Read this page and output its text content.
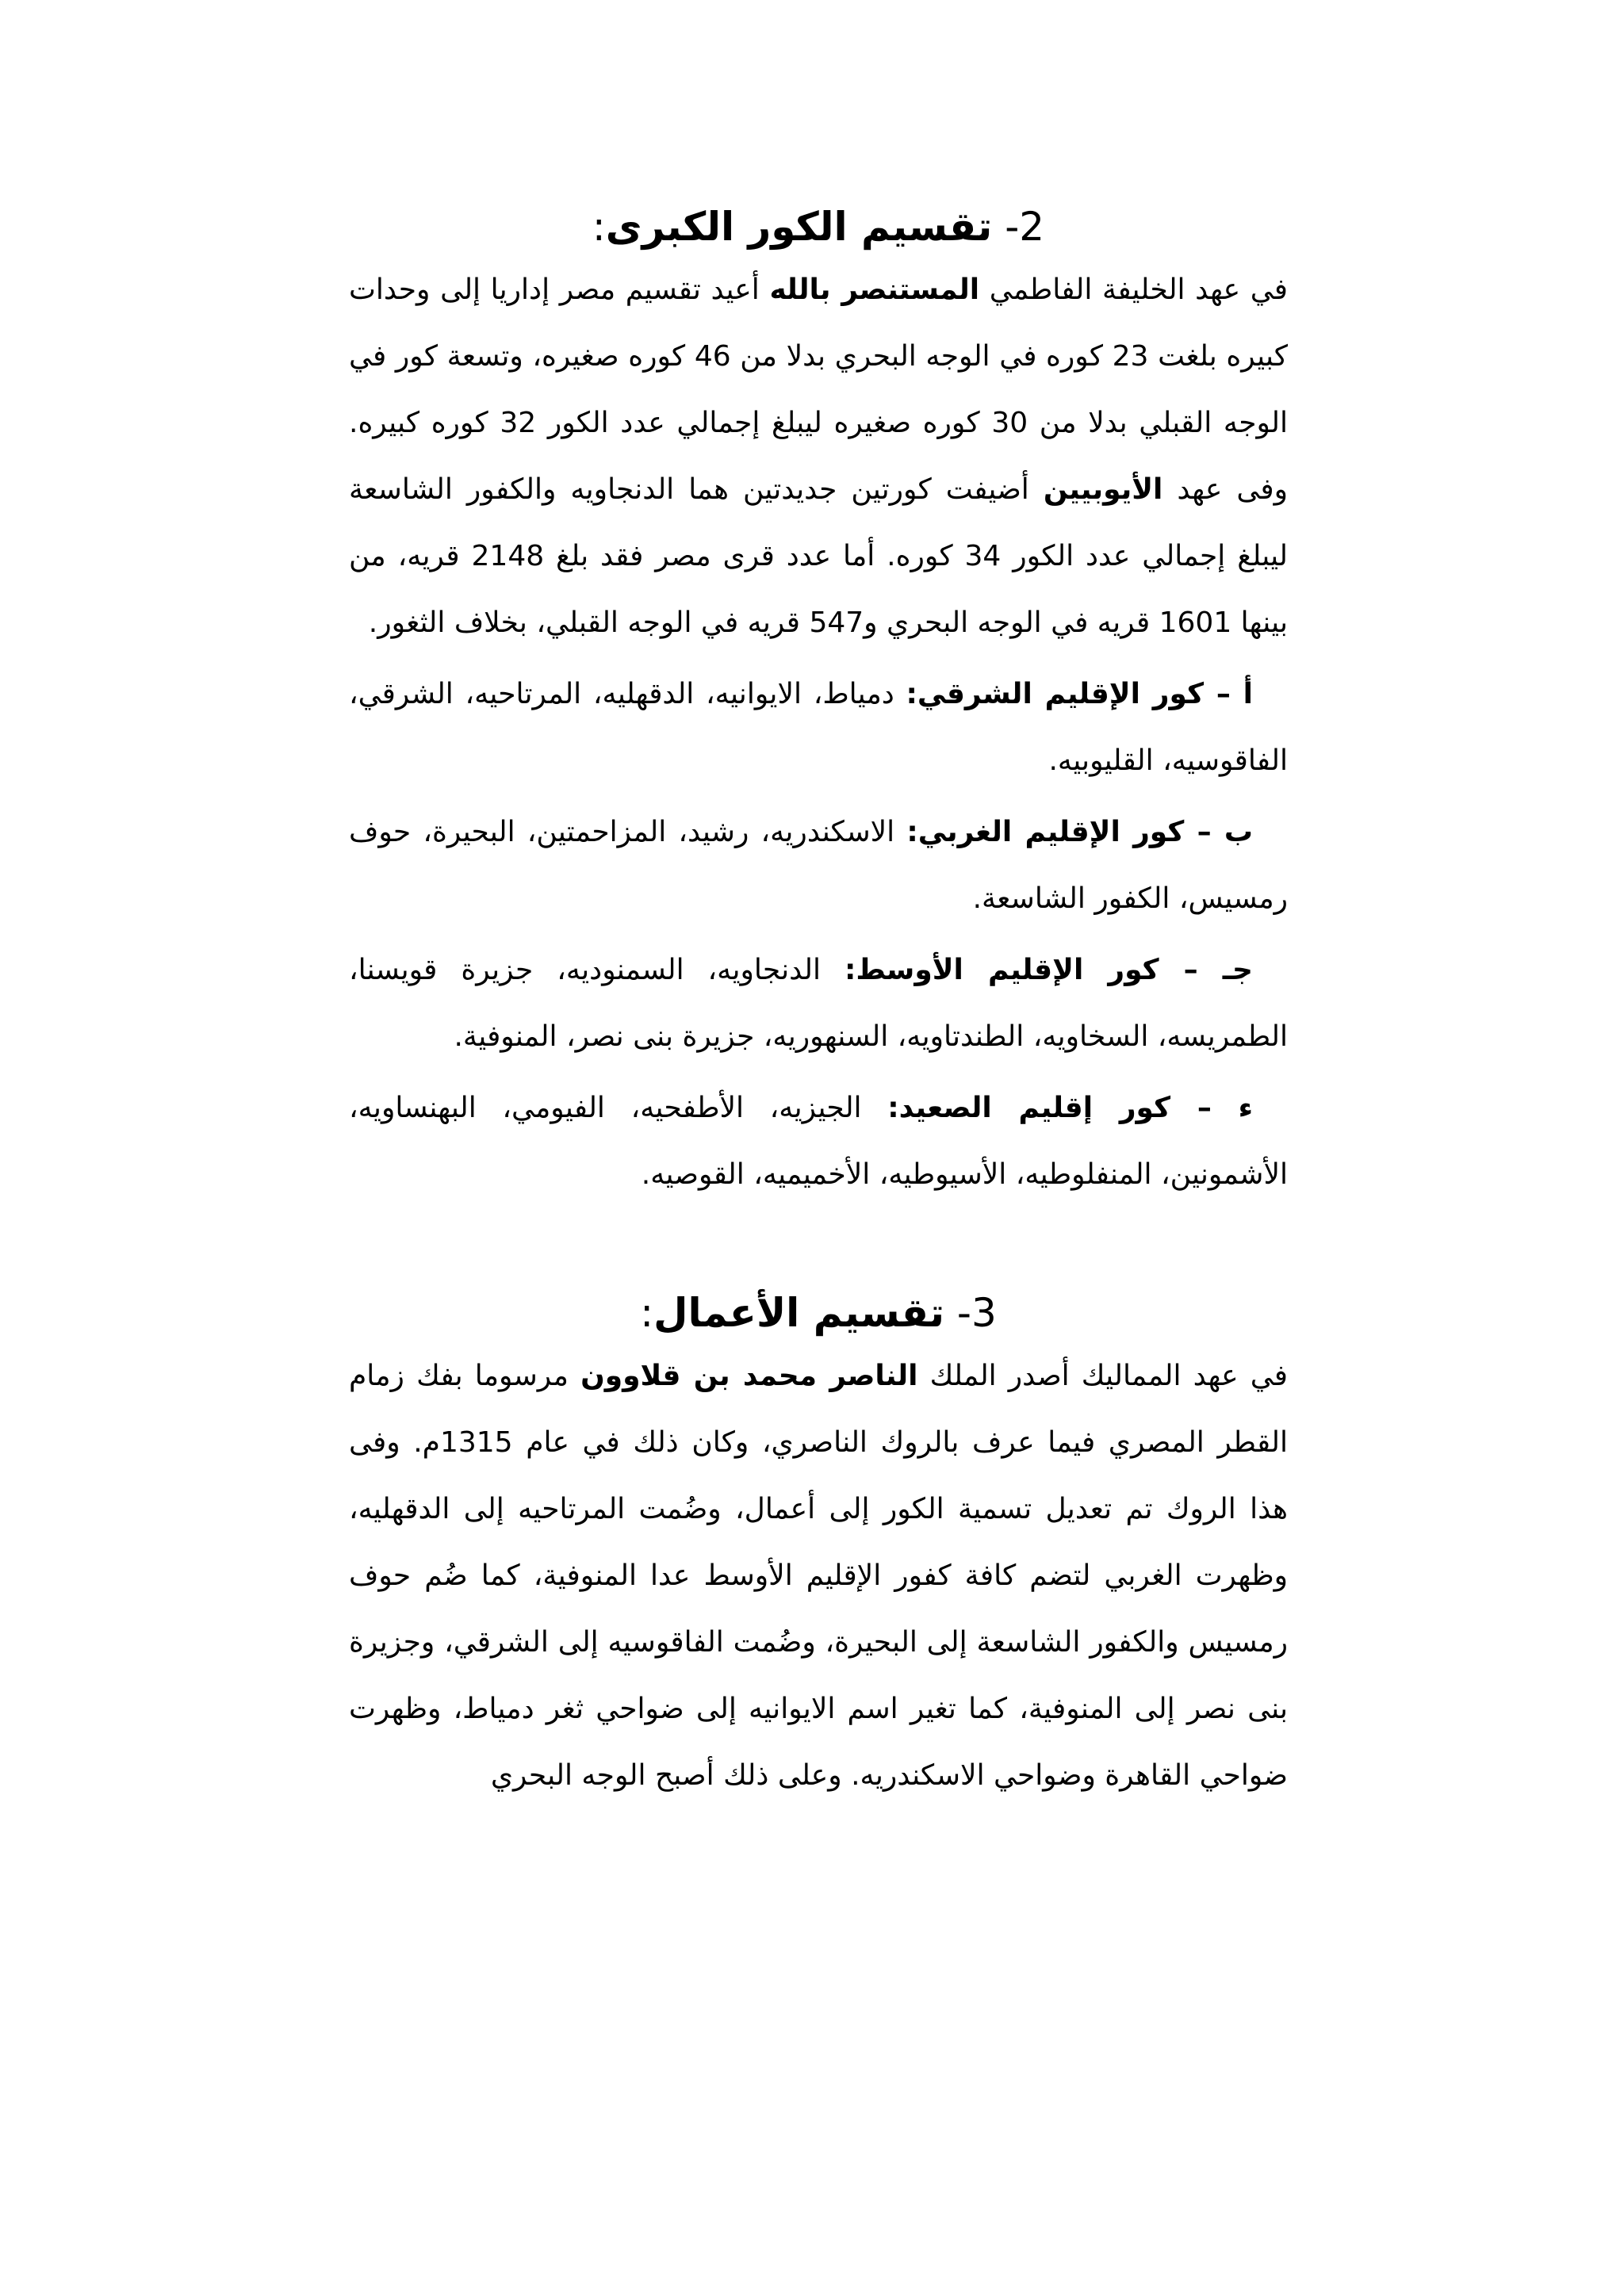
2- تقسيم الكور الكبرى:

في عهد الخليفة الفاطمي المستنصر بالله أعيد تقسيم مصر إداريا إلى وحدات كبيره بلغت 23 كوره في الوجه البحري بدلا من 46 كوره صغيره، وتسعة كور في الوجه القبلي بدلا من 30 كوره صغيره ليبلغ إجمالي عدد الكور 32 كوره كبيره. وفى عهد الأيوبيين أضيفت كورتين جديدتين هما الدنجاويه والكفور الشاسعة ليبلغ إجمالي عدد الكور 34 كوره. أما عدد قرى مصر فقد بلغ 2148 قريه، من بينها 1601 قريه في الوجه البحري و547 قريه في الوجه القبلي، بخلاف الثغور.

أ – كور الإقليم الشرقي: دمياط، الايوانيه، الدقهليه، المرتاحيه، الشرقي، الفاقوسيه، القليوبيه.

ب – كور الإقليم الغربي: الاسكندريه، رشيد، المزاحمتين، البحيرة، حوف رمسيس، الكفور الشاسعة.

جـ – كور الإقليم الأوسط: الدنجاويه، السمنوديه، جزيرة قويسنا، الطمريسه، السخاويه، الطندتاويه، السنهوريه، جزيرة بنى نصر، المنوفية.

ء – كور إقليم الصعيد: الجيزيه، الأطفحيه، الفيومي، البهنساويه، الأشمونين، المنفلوطيه، الأسيوطيه، الأخميميه، القوصيه.

3- تقسيم الأعمال:

في عهد المماليك أصدر الملك الناصر محمد بن قلاوون مرسوما بفك زمام القطر المصري فيما عرف بالروك الناصري، وكان ذلك في عام 1315م. وفى هذا الروك تم تعديل تسمية الكور إلى أعمال، وضُمت المرتاحيه إلى الدقهليه، وظهرت الغربي لتضم كافة كفور الإقليم الأوسط عدا المنوفية، كما ضُم حوف رمسيس والكفور الشاسعة إلى البحيرة، وضُمت الفاقوسيه إلى الشرقي، وجزيرة بنى نصر إلى المنوفية، كما تغير اسم الايوانيه إلى ضواحي ثغر دمياط، وظهرت ضواحي القاهرة وضواحي الاسكندريه. وعلى ذلك أصبح الوجه البحري
